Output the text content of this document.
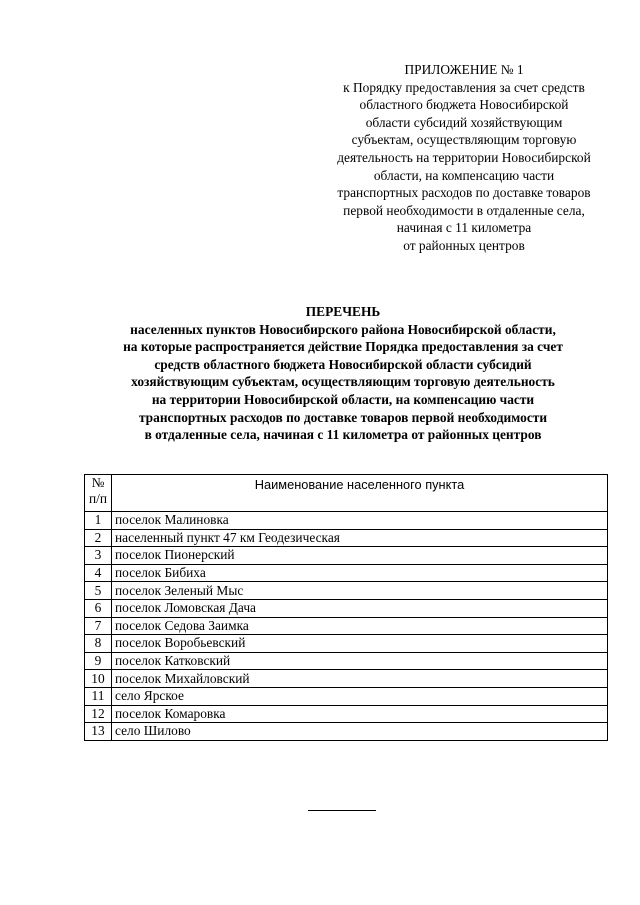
ПРИЛОЖЕНИЕ № 1
к Порядку предоставления за счет средств
областного бюджета Новосибирской
области субсидий хозяйствующим
субъектам, осуществляющим торговую
деятельность на территории Новосибирской
области, на компенсацию части
транспортных расходов по доставке товаров
первой необходимости в отдаленные села,
начиная с 11 километра
от районных центров
ПЕРЕЧЕНЬ
населенных пунктов Новосибирского района Новосибирской области,
на которые распространяется действие Порядка предоставления за счет
средств областного бюджета Новосибирской области субсидий
хозяйствующим субъектам, осуществляющим торговую деятельность
на территории Новосибирской области, на компенсацию части
транспортных расходов по доставке товаров первой необходимости
в отдаленные села, начиная с 11 километра от районных центров
№
п/п	Наименование населенного пункта
1	поселок Малиновка
2	населенный пункт 47 км Геодезическая
3	поселок Пионерский
4	поселок Бибиха
5	поселок Зеленый Мыс
6	поселок Ломовская Дача
7	поселок Седова Заимка
8	поселок Воробьевский
9	поселок Катковский
10	поселок Михайловский
11	село Ярское
12	поселок Комаровка
13	село Шилово
